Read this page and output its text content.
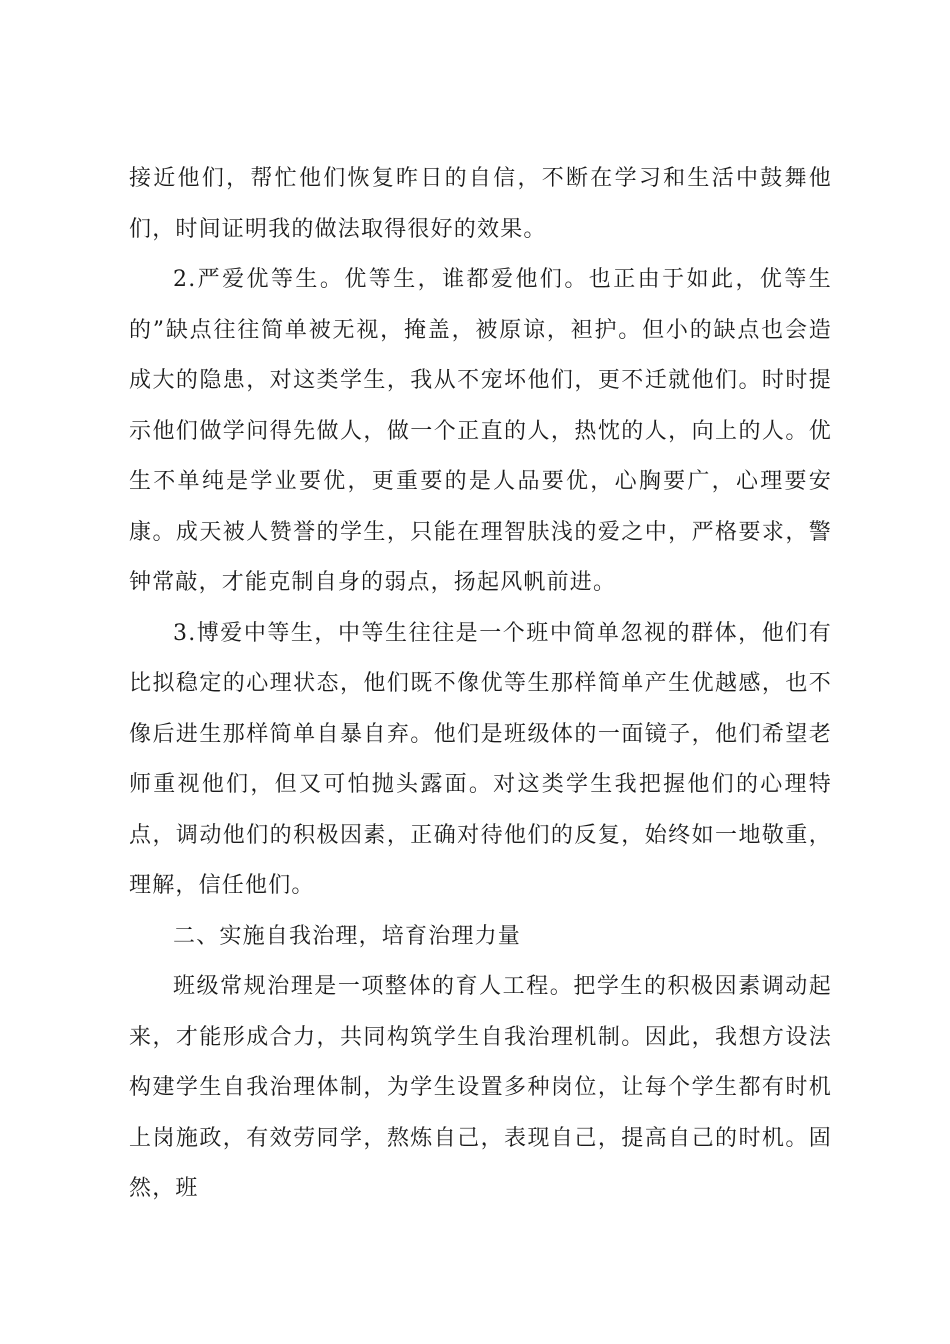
接近他们，帮忙他们恢复昨日的自信，不断在学习和生活中鼓舞他们，时间证明我的做法取得很好的效果。

2.严爱优等生。优等生，谁都爱他们。也正由于如此，优等生的”缺点往往简单被无视，掩盖，被原谅，袒护。但小的缺点也会造成大的隐患，对这类学生，我从不宠坏他们，更不迁就他们。时时提示他们做学问得先做人，做一个正直的人，热忱的人，向上的人。优生不单纯是学业要优，更重要的是人品要优，心胸要广，心理要安康。成天被人赞誉的学生，只能在理智肤浅的爱之中，严格要求，警钟常敲，才能克制自身的弱点，扬起风帆前进。

3.博爱中等生，中等生往往是一个班中简单忽视的群体，他们有比拟稳定的心理状态，他们既不像优等生那样简单产生优越感，也不像后进生那样简单自暴自弃。他们是班级体的一面镜子，他们希望老师重视他们，但又可怕抛头露面。对这类学生我把握他们的心理特点，调动他们的积极因素，正确对待他们的反复，始终如一地敬重，理解，信任他们。

二、实施自我治理，培育治理力量

班级常规治理是一项整体的育人工程。把学生的积极因素调动起来，才能形成合力，共同构筑学生自我治理机制。因此，我想方设法构建学生自我治理体制，为学生设置多种岗位，让每个学生都有时机上岗施政，有效劳同学，熬炼自己，表现自己，提高自己的时机。固然，班
